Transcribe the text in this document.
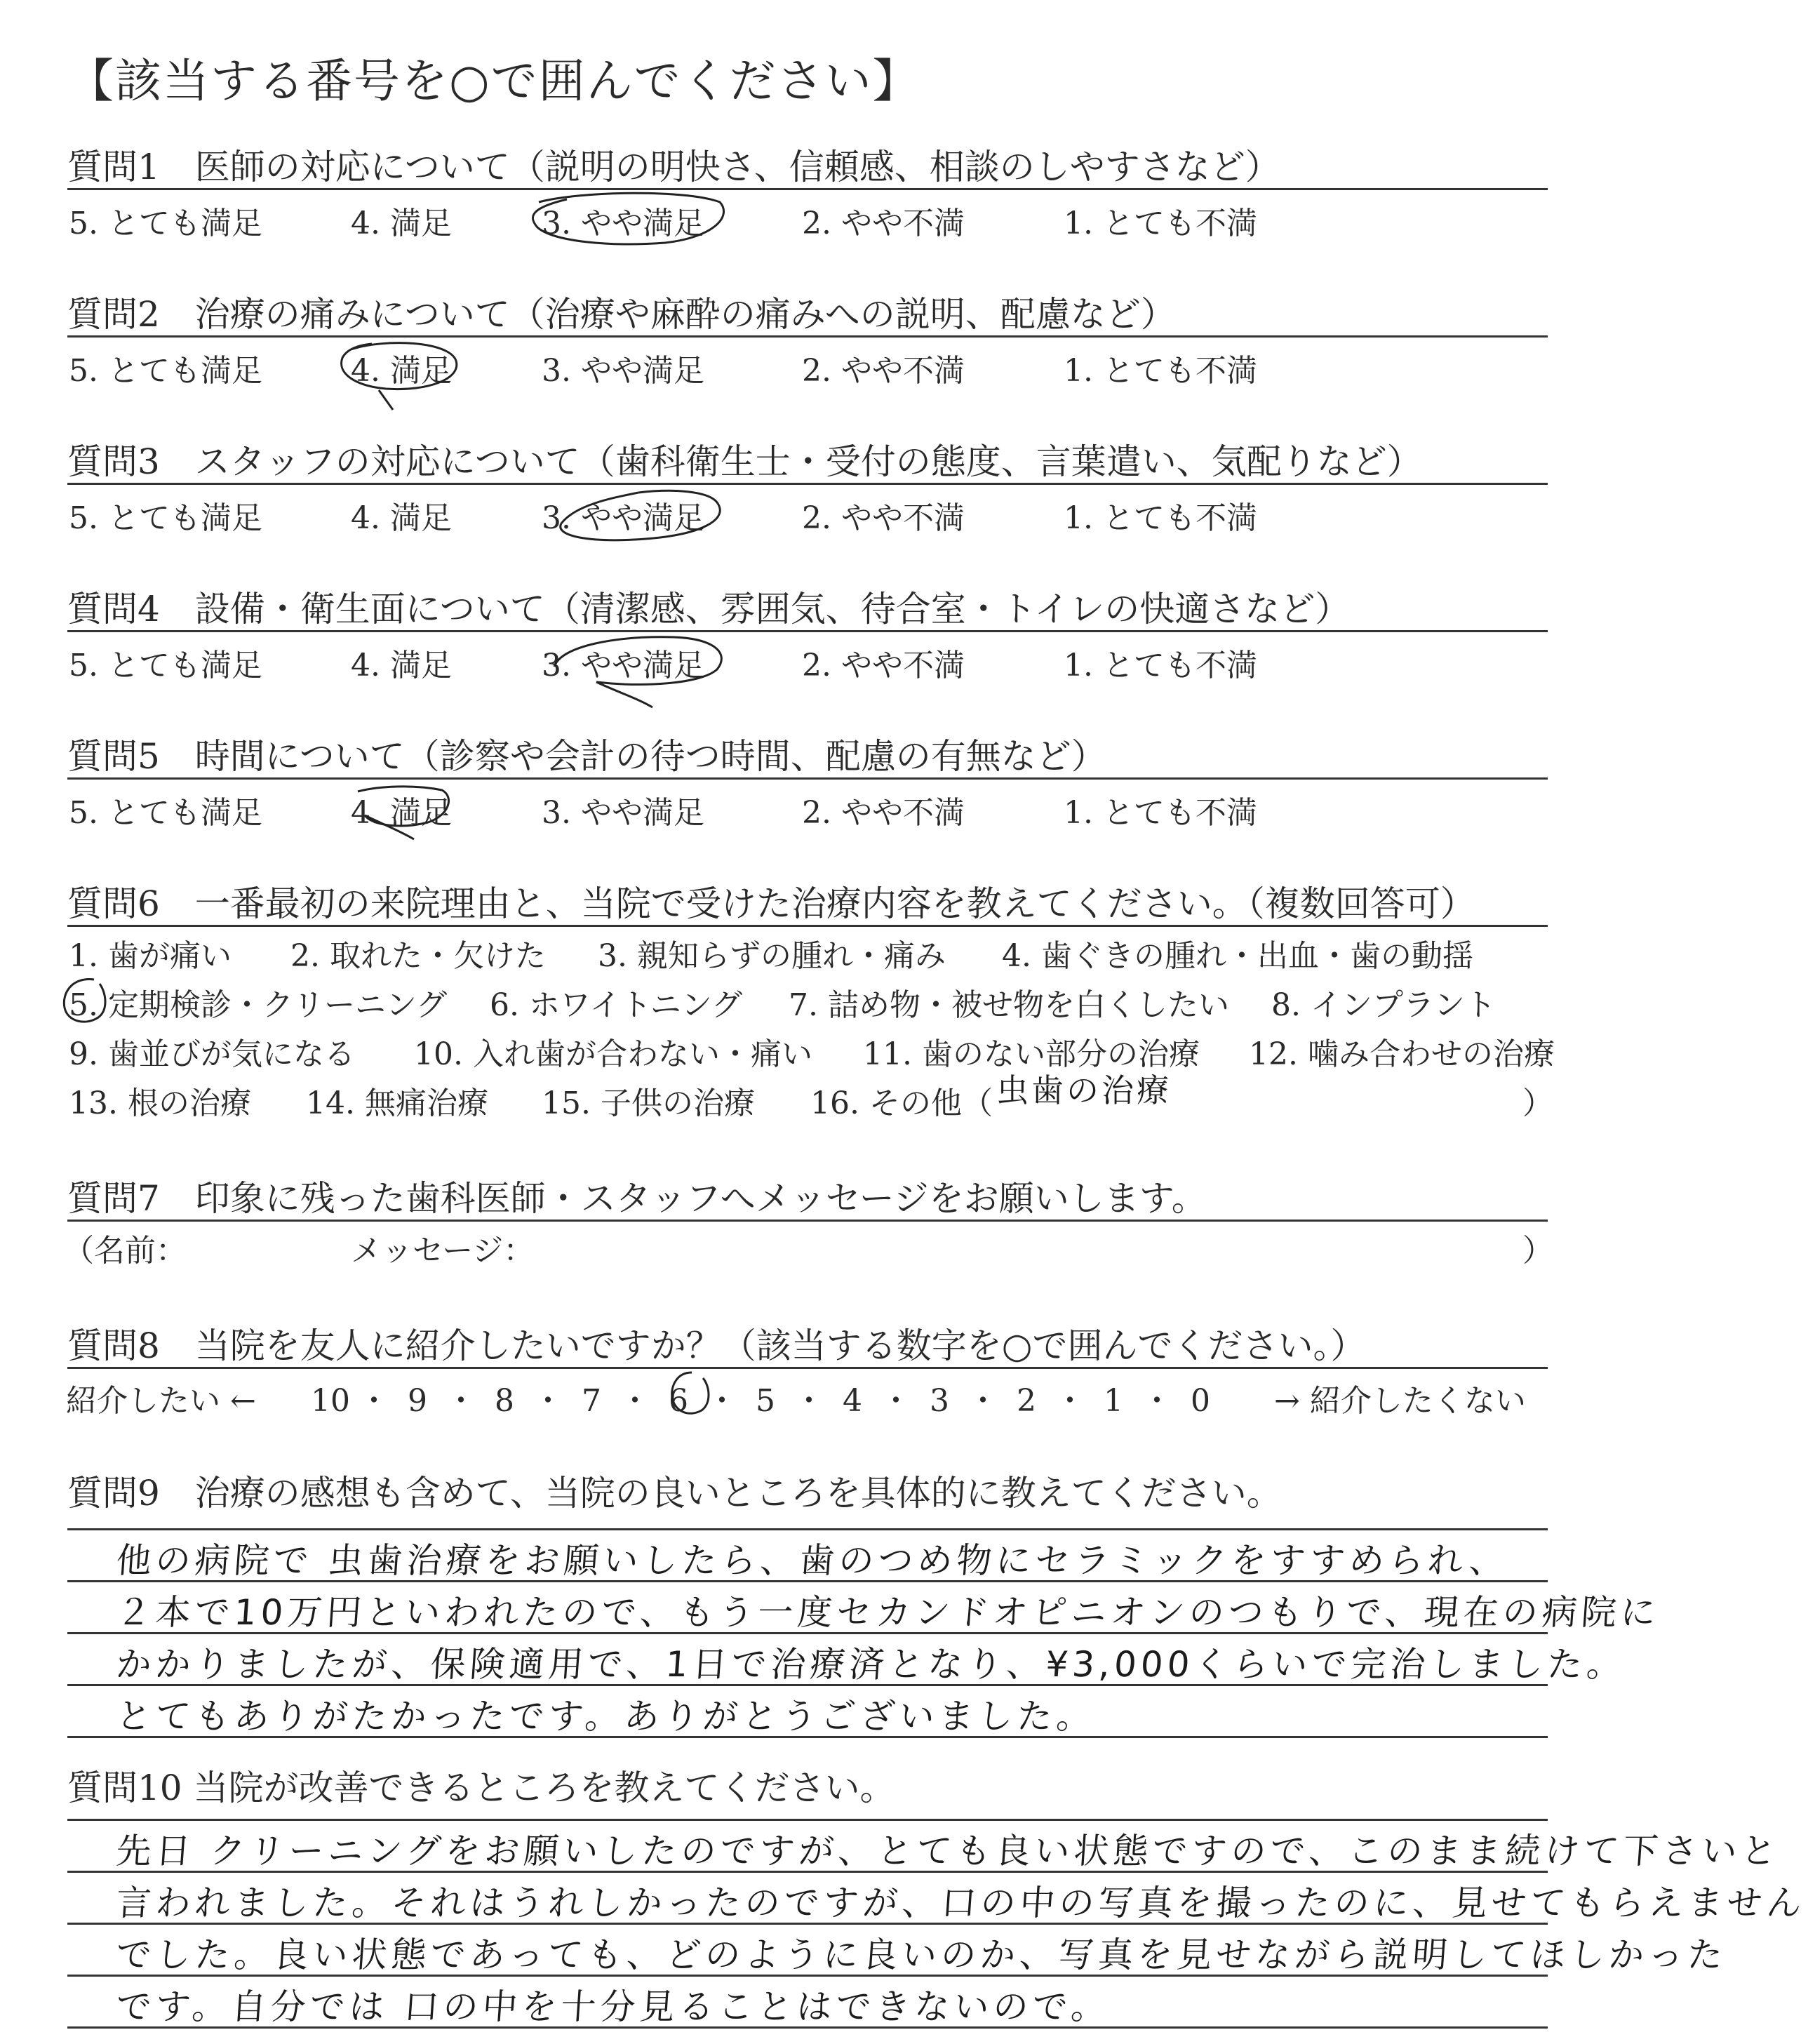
【該当する番号を○で囲んでください】
質問1　医師の対応について（説明の明快さ、信頼感、相談のしやすさなど）
5. とても満足	4. 満足	3. やや満足	2. やや不満	1. とても不満
質問2　治療の痛みについて（治療や麻酔の痛みへの説明、配慮など）
5. とても満足	4. 満足	3. やや満足	2. やや不満	1. とても不満
質問3　スタッフの対応について（歯科衛生士・受付の態度、言葉遣い、気配りなど）
5. とても満足	4. 満足	3. やや満足	2. やや不満	1. とても不満
質問4　設備・衛生面について（清潔感、雰囲気、待合室・トイレの快適さなど）
5. とても満足	4. 満足	3. やや満足	2. やや不満	1. とても不満
質問5　時間について（診察や会計の待つ時間、配慮の有無など）
5. とても満足	4. 満足	3. やや満足	2. やや不満	1. とても不満
質問6　一番最初の来院理由と、当院で受けた治療内容を教えてください。（複数回答可）
1. 歯が痛い 2. 取れた・欠けた 3. 親知らずの腫れ・痛み 4. 歯ぐきの腫れ・出血・歯の動揺
5. 定期検診・クリーニング 6. ホワイトニング 7. 詰め物・被せ物を白くしたい 8. インプラント
9. 歯並びが気になる 10. 入れ歯が合わない・痛い 11. 歯のない部分の治療 12. 噛み合わせの治療
13. 根の治療 14. 無痛治療 15. 子供の治療 16. その他（ 虫歯の治療	）
質問7　印象に残った歯科医師・スタッフへメッセージをお願いします。
（名前：	メッセージ：	）
質問8　当院を友人に紹介したいですか？（該当する数字を○で囲んでください。）
紹介したい ← 10 ・ 9 ・ 8 ・ 7 ・ 6 ・ 5 ・ 4 ・ 3 ・ 2 ・ 1 ・ 0	→ 紹介したくない
質問9　治療の感想も含めて、当院の良いところを具体的に教えてください。
他の病院で 虫歯治療をお願いしたら、歯のつめ物にセラミックをすすめられ、
２本で10万円といわれたので、もう一度セカンドオピニオンのつもりで、現在の病院に
かかりましたが、保険適用で、1日で治療済となり、¥3,000くらいで完治しました。
とてもありがたかったです。ありがとうございました。
質問10 当院が改善できるところを教えてください。
先日 クリーニングをお願いしたのですが、とても良い状態ですので、このまま続けて下さいと
言われました。それはうれしかったのですが、口の中の写真を撮ったのに、見せてもらえません
でした。良い状態であっても、どのように良いのか、写真を見せながら説明してほしかった
です。自分では 口の中を十分見ることはできないので。
